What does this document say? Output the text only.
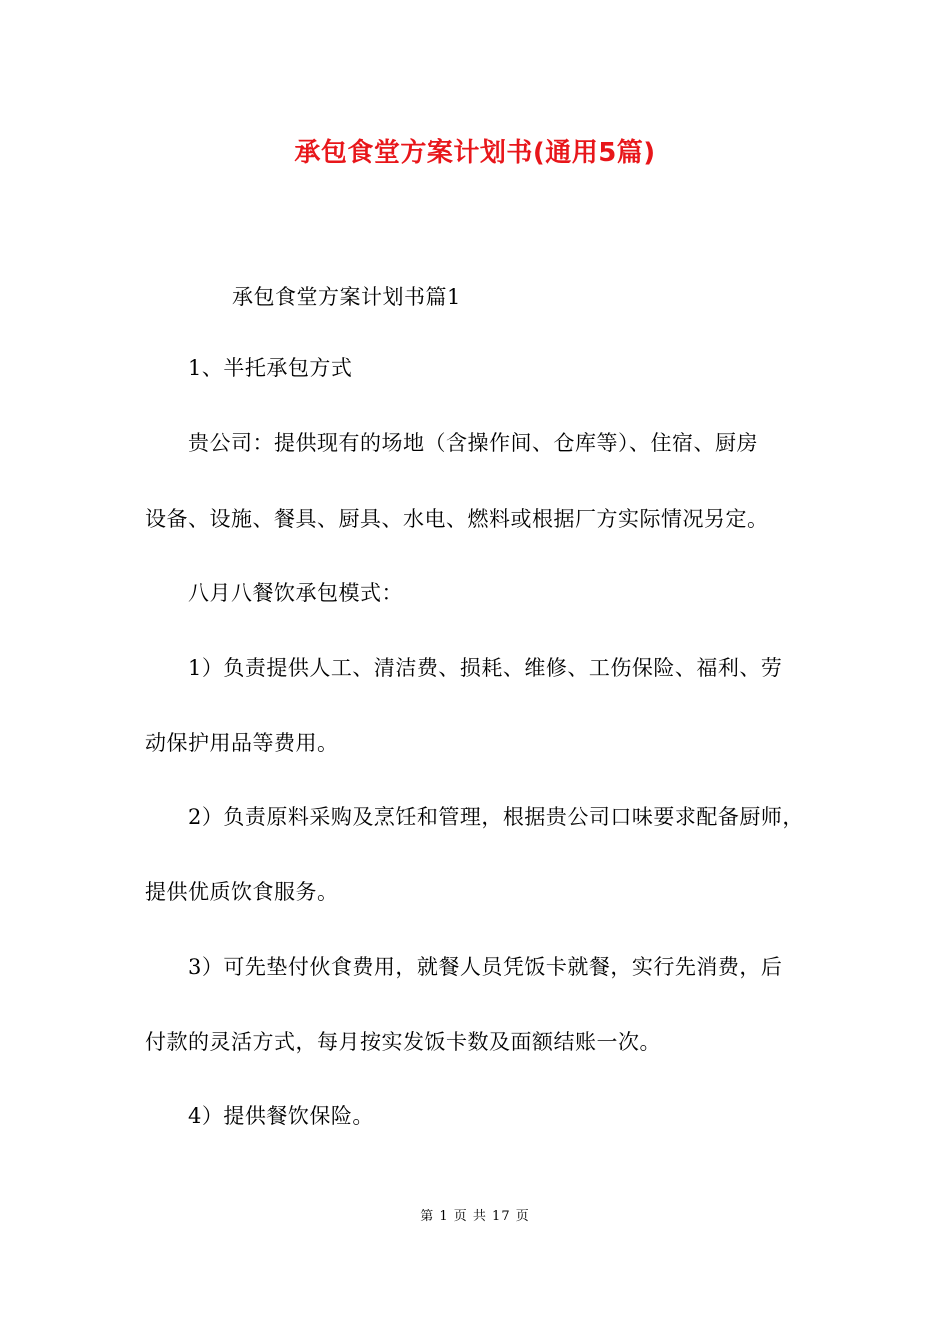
承包食堂方案计划书(通用5篇)
承包食堂方案计划书篇1
1、半托承包方式
贵公司：提供现有的场地（含操作间、仓库等）、住宿、厨房
设备、设施、餐具、厨具、水电、燃料或根据厂方实际情况另定。
八月八餐饮承包模式：
1）负责提供人工、清洁费、损耗、维修、工伤保险、福利、劳
动保护用品等费用。
2）负责原料采购及烹饪和管理，根据贵公司口味要求配备厨师，
提供优质饮食服务。
3）可先垫付伙食费用，就餐人员凭饭卡就餐，实行先消费，后
付款的灵活方式，每月按实发饭卡数及面额结账一次。
4）提供餐饮保险。
第 1 页 共 17 页
